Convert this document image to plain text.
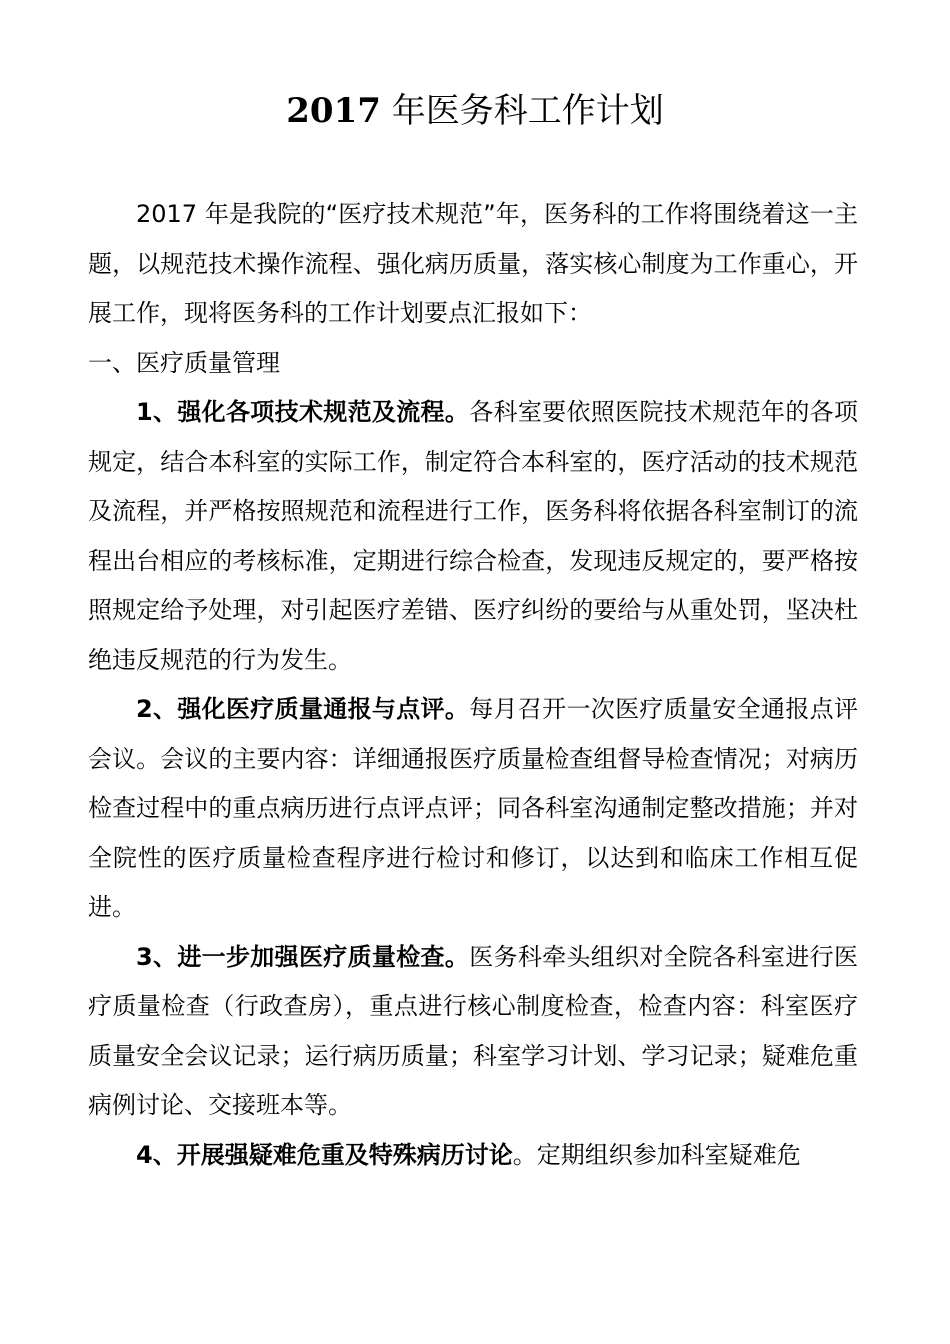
2017 年医务科工作计划

2017 年是我院的“医疗技术规范”年，医务科的工作将围绕着这一主题，以规范技术操作流程、强化病历质量，落实核心制度为工作重心，开展工作，现将医务科的工作计划要点汇报如下：

一、医疗质量管理

1、强化各项技术规范及流程。各科室要依照医院技术规范年的各项规定，结合本科室的实际工作，制定符合本科室的，医疗活动的技术规范及流程，并严格按照规范和流程进行工作，医务科将依据各科室制订的流程出台相应的考核标准，定期进行综合检查，发现违反规定的，要严格按照规定给予处理，对引起医疗差错、医疗纠纷的要给与从重处罚，坚决杜绝违反规范的行为发生。

2、强化医疗质量通报与点评。每月召开一次医疗质量安全通报点评会议。会议的主要内容：详细通报医疗质量检查组督导检查情况；对病历检查过程中的重点病历进行点评点评；同各科室沟通制定整改措施；并对全院性的医疗质量检查程序进行检讨和修订，以达到和临床工作相互促进。

3、进一步加强医疗质量检查。医务科牵头组织对全院各科室进行医疗质量检查（行政查房），重点进行核心制度检查，检查内容：科室医疗质量安全会议记录；运行病历质量；科室学习计划、学习记录；疑难危重病例讨论、交接班本等。

4、开展强疑难危重及特殊病历讨论。定期组织参加科室疑难危
